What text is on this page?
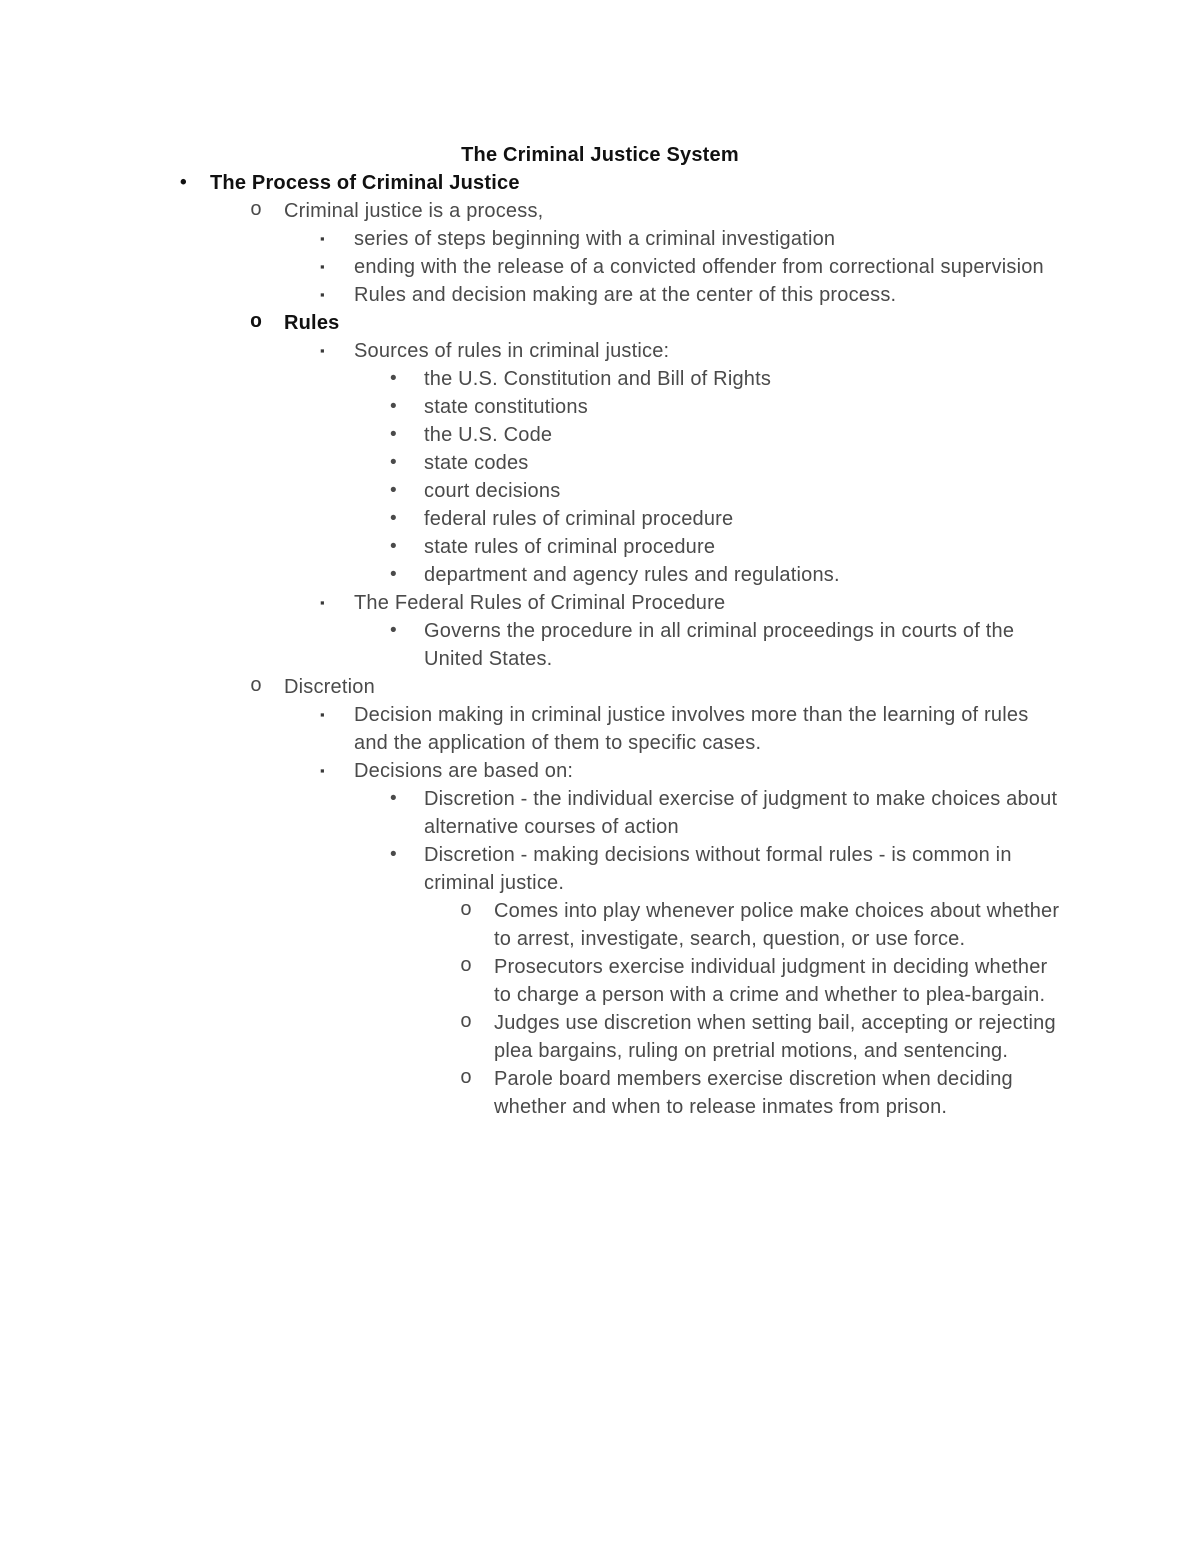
The Criminal Justice System
•	The Process of Criminal Justice
o	Criminal justice is a process,
▪	series of steps beginning with a criminal investigation
▪	ending with the release of a convicted offender from correctional supervision
▪	Rules and decision making are at the center of this process.
o	Rules
▪	Sources of rules in criminal justice:
•	the U.S. Constitution and Bill of Rights
•	state constitutions
•	the U.S. Code
•	state codes
•	court decisions
•	federal rules of criminal procedure
•	state rules of criminal procedure
•	department and agency rules and regulations.
▪	The Federal Rules of Criminal Procedure
•	Governs the procedure in all criminal proceedings in courts of the United States.
o	Discretion
▪	Decision making in criminal justice involves more than the learning of rules and the application of them to specific cases.
▪	Decisions are based on:
•	Discretion - the individual exercise of judgment to make choices about alternative courses of action
•	Discretion - making decisions without formal rules - is common in criminal justice.
o	Comes into play whenever police make choices about whether to arrest, investigate, search, question, or use force.
o	Prosecutors exercise individual judgment in deciding whether to charge a person with a crime and whether to plea-bargain.
o	Judges use discretion when setting bail, accepting or rejecting plea bargains, ruling on pretrial motions, and sentencing.
o	Parole board members exercise discretion when deciding whether and when to release inmates from prison.
